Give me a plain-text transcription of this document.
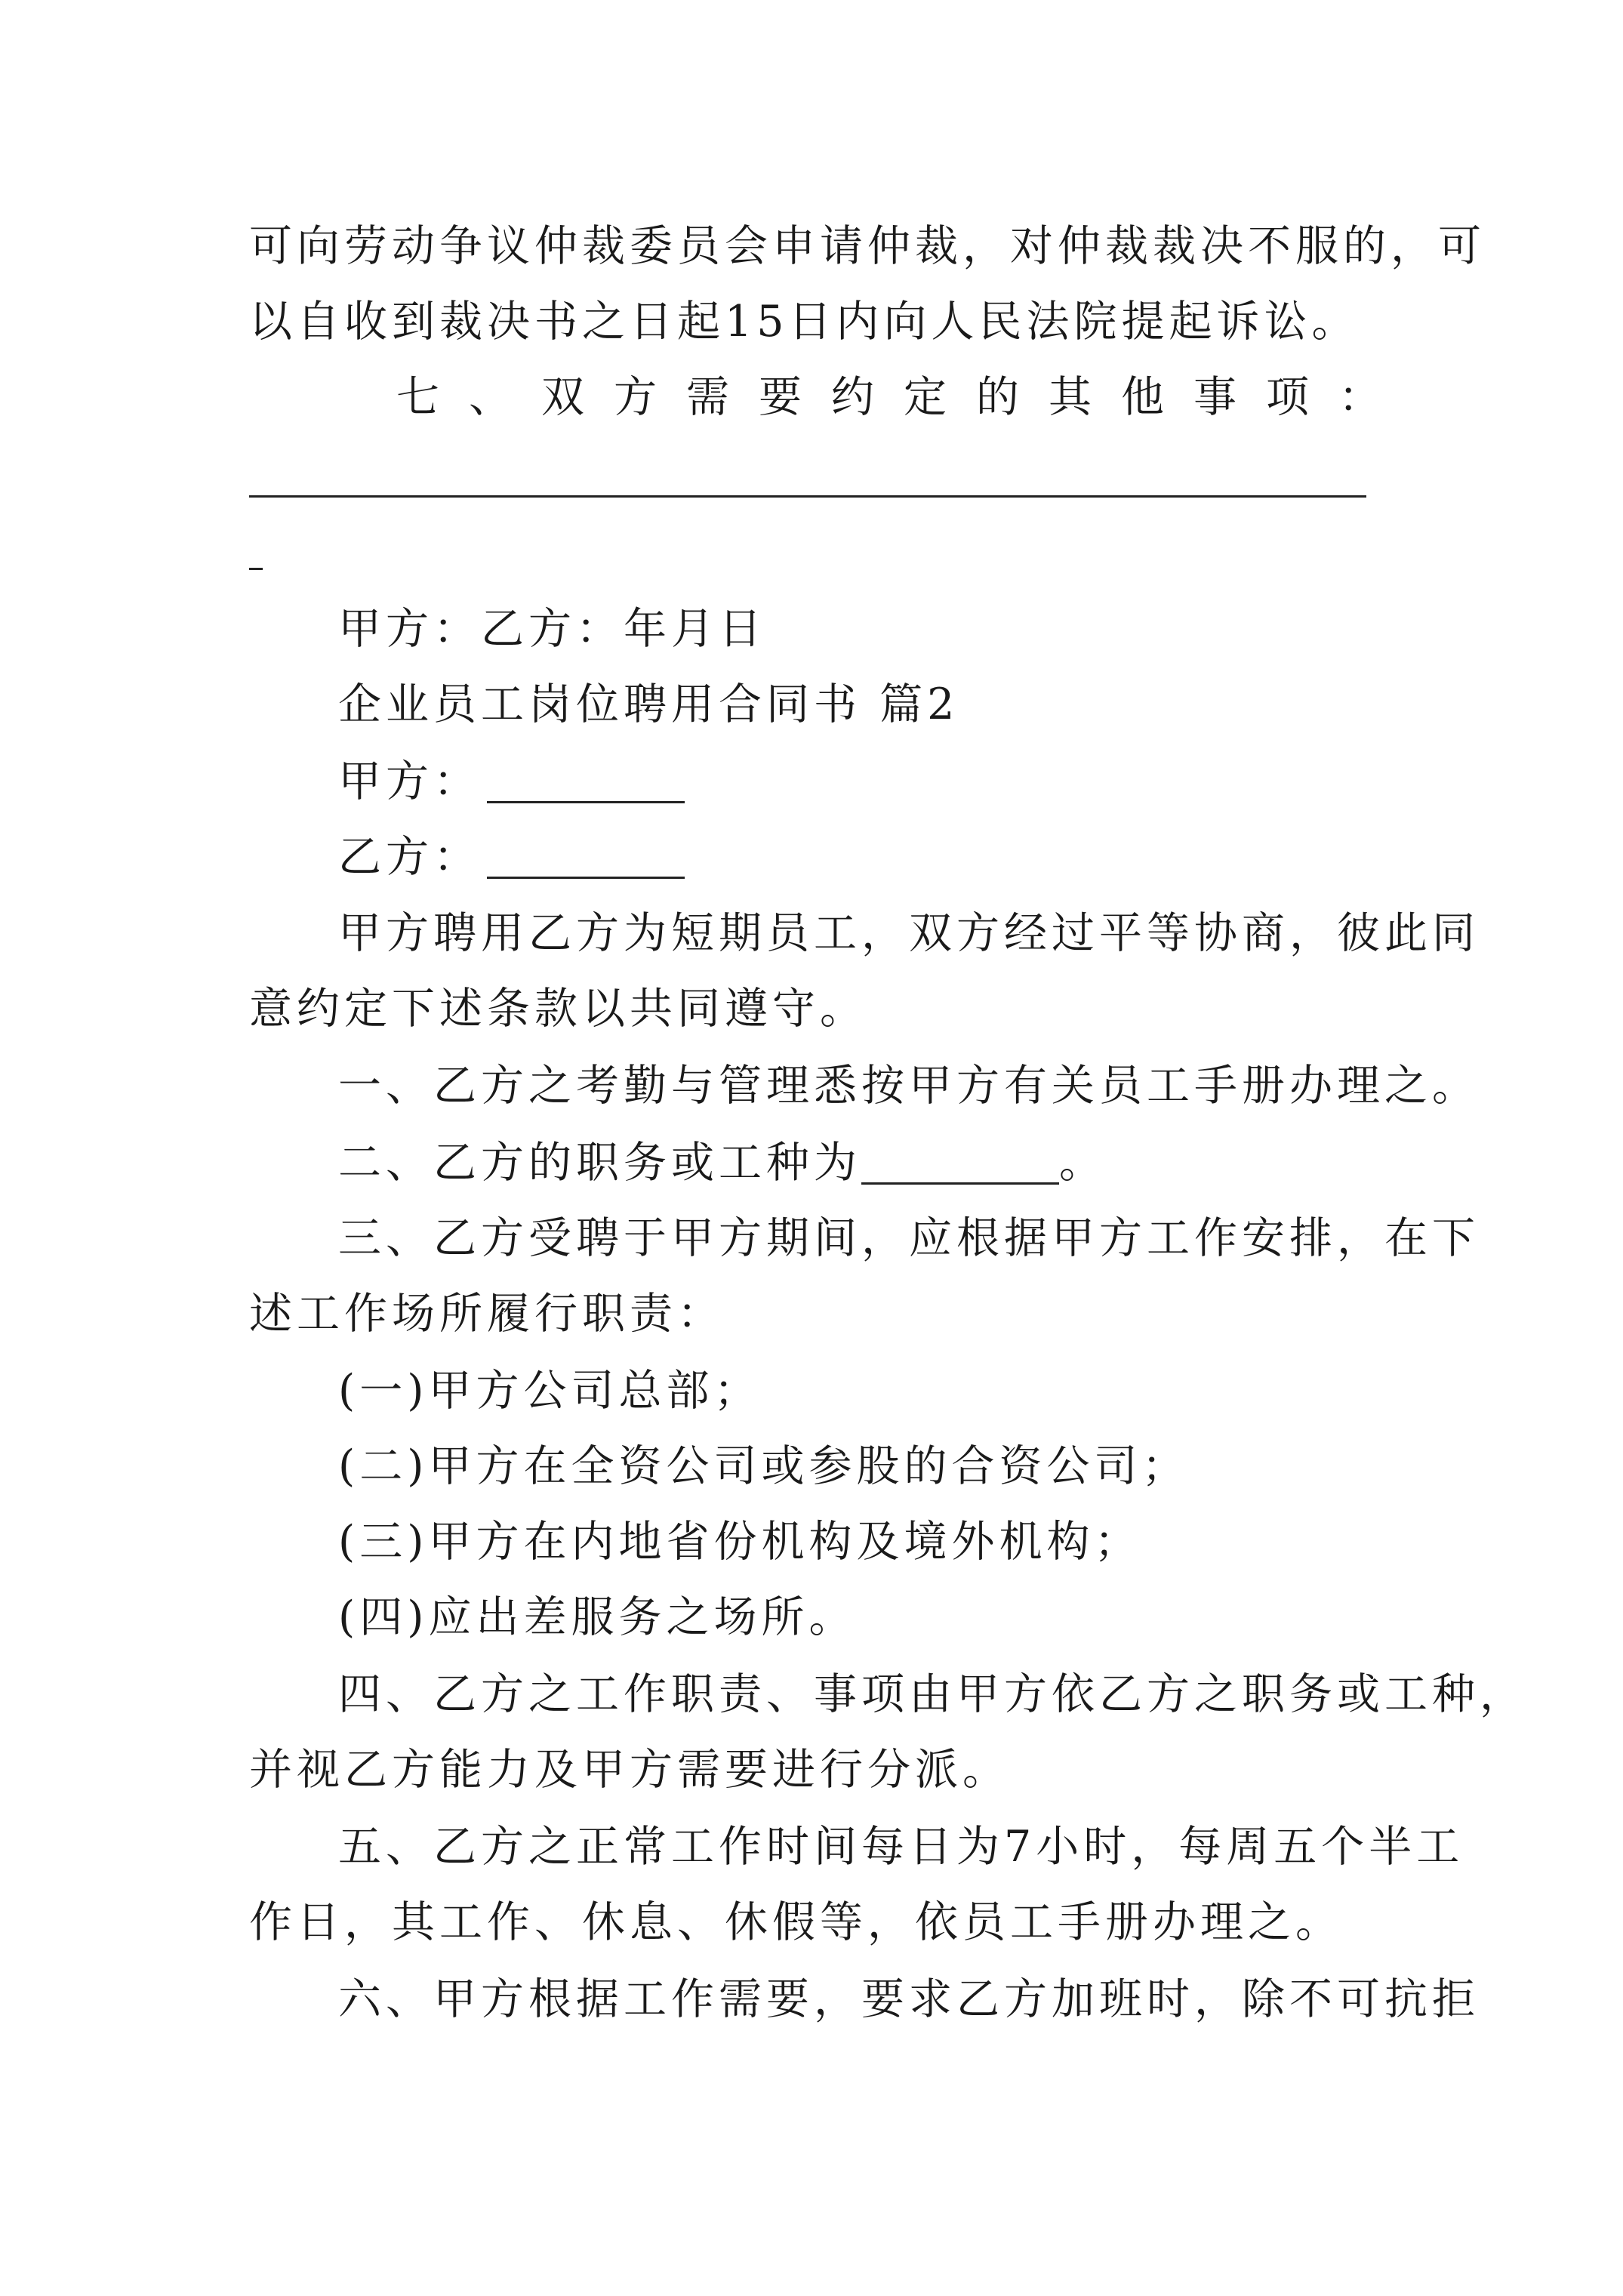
可向劳动争议仲裁委员会申请仲裁，对仲裁裁决不服的，可
以自收到裁决书之日起15日内向人民法院提起诉讼。
七、双方需要约定的其他事项：
甲方：乙方：年月日
企业员工岗位聘用合同书 篇2
甲方：
乙方：
甲方聘用乙方为短期员工，双方经过平等协商，彼此同
意约定下述条款以共同遵守。
一、乙方之考勤与管理悉按甲方有关员工手册办理之。
二、乙方的职务或工种为	。
三、乙方受聘于甲方期间，应根据甲方工作安排，在下
述工作场所履行职责：
(一)甲方公司总部；
(二)甲方在全资公司或参股的合资公司；
(三)甲方在内地省份机构及境外机构；
(四)应出差服务之场所。
四、乙方之工作职责、事项由甲方依乙方之职务或工种，
并视乙方能力及甲方需要进行分派。
五、乙方之正常工作时间每日为7小时，每周五个半工
作日，其工作、休息、休假等，依员工手册办理之。
六、甲方根据工作需要，要求乙方加班时，除不可抗拒
